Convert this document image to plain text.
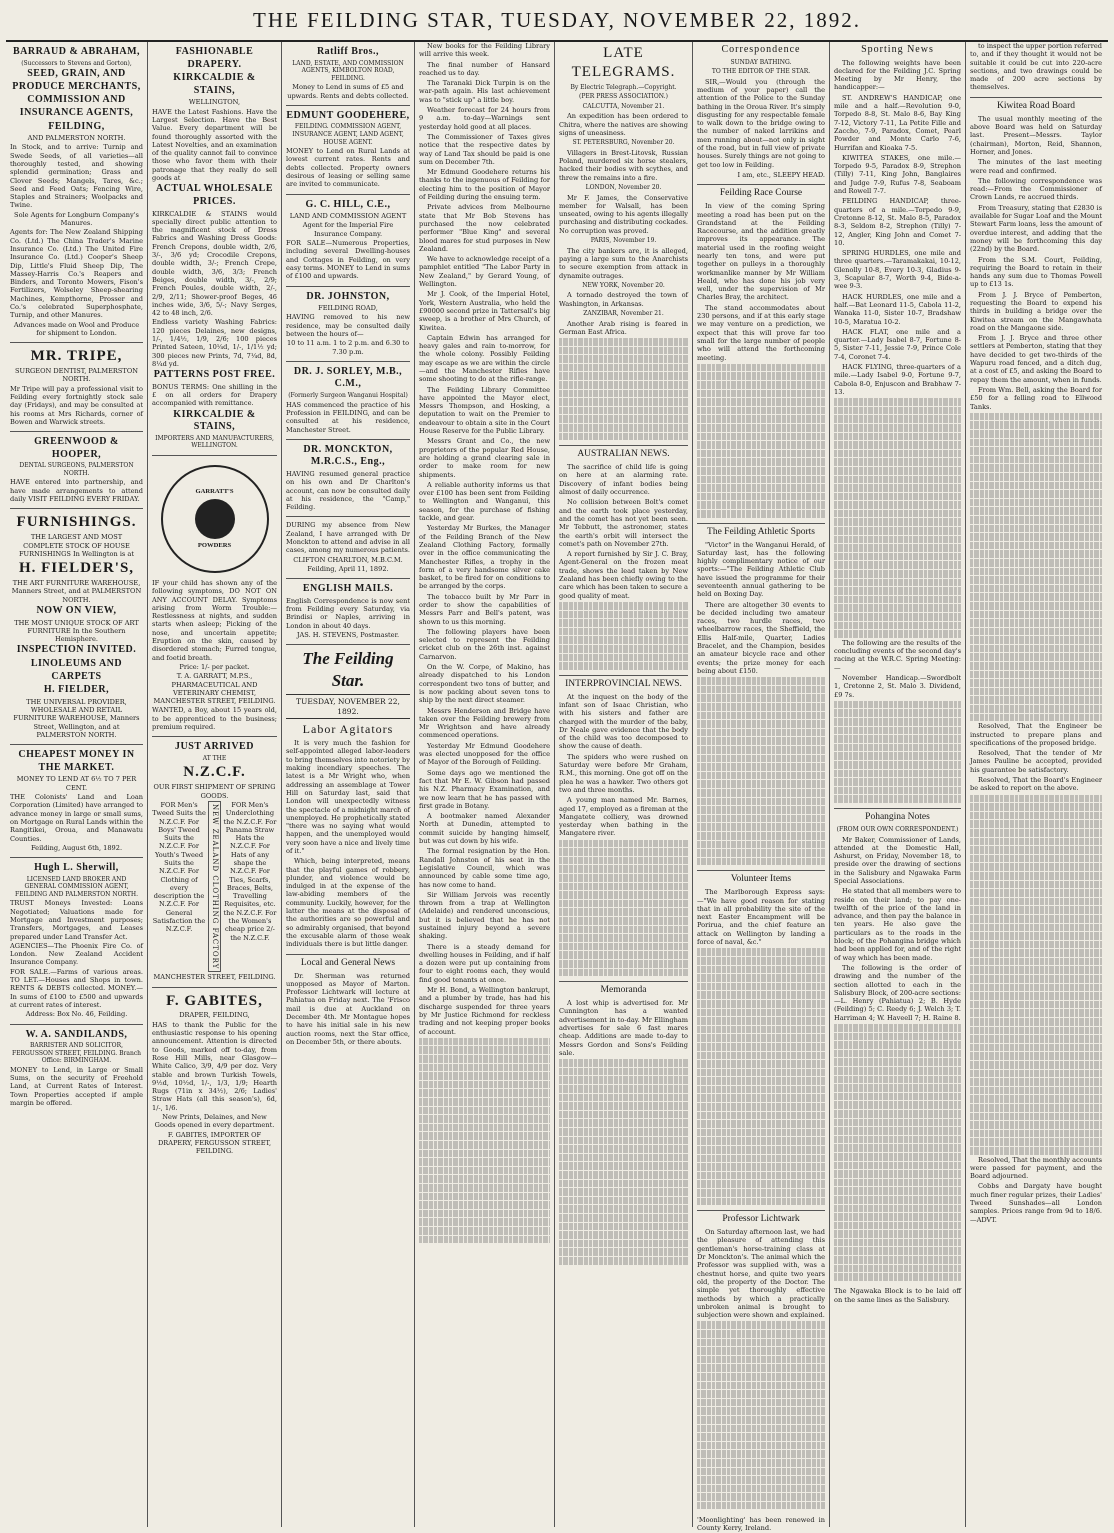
THE FEILDING STAR, TUESDAY, NOVEMBER 22, 1892.

BARRAUD & ABRAHAM,

(Successors to Stevens and Gorton),

SEED, GRAIN, AND PRODUCE MERCHANTS,

COMMISSION AND INSURANCE AGENTS,

FEILDING,

AND PALMERSTON NORTH.

In Stock, and to arrive: Turnip and Swede Seeds, of all varieties—all thoroughly tested, and showing splendid germination; Grass and Clover Seeds; Mangels, Tares, &c.; Seed and Feed Oats; Fencing Wire, Staples and Strainers; Woolpacks and Twine.

Sole Agents for Longburn Company's Manures.

Agents for: The New Zealand Shipping Co. (Ltd.) The China Trader's Marine Insurance Co. (Ltd.) The United Fire Insurance Co. (Ltd.) Cooper's Sheep Dip, Little's Fluid Sheep Dip, The Massey-Harris Co.'s Reapers and Binders, and Toronto Mowers, Fison's Fertilizers, Wolseley Sheep-shearing Machines, Kempthorne, Prosser and Co.'s celebrated Superphosphate, Turnip, and other Manures.

Advances made on Wool and Produce for shipment to London.

MR. TRIPE,

SURGEON DENTIST, PALMERSTON NORTH.

Mr Tripe will pay a professional visit to Feilding every fortnightly stock sale day (Fridays), and may be consulted at his rooms at Mrs Richards, corner of Bowen and Warwick streets.

GREENWOOD & HOOPER,

DENTAL SURGEONS, PALMERSTON NORTH.

HAVE entered into partnership, and have made arrangements to attend daily VISIT FEILDING EVERY FRIDAY.

FURNISHINGS.

THE LARGEST AND MOST COMPLETE STOCK OF HOUSE FURNISHINGS In Wellington is at

H. FIELDER'S,

THE ART FURNITURE WAREHOUSE, Manners Street, and at PALMERSTON NORTH.

NOW ON VIEW,

THE MOST UNIQUE STOCK OF ART FURNITURE In the Southern Hemisphere.

INSPECTION INVITED.

LINOLEUMS AND CARPETS

H. FIELDER,

THE UNIVERSAL PROVIDER, WHOLESALE AND RETAIL FURNITURE WAREHOUSE, Manners Street, Wellington, and at PALMERSTON NORTH.

CHEAPEST MONEY IN THE MARKET.

MONEY TO LEND AT 6½ TO 7 PER CENT.

THE Colonists' Land and Loan Corporation (Limited) have arranged to advance money in large or small sums, on Mortgage on Rural Lands within the Rangitikei, Oroua, and Manawatu Counties.

Feilding, August 6th, 1892.

Hugh L. Sherwill,

LICENSED LAND BROKER AND GENERAL COMMISSION AGENT, FEILDING AND PALMERSTON NORTH.

TRUST Moneys Invested: Loans Negotiated; Valuations made for Mortgage and Investment purposes; Transfers, Mortgages, and Leases prepared under Land Transfer Act.

AGENCIES—The Phoenix Fire Co. of London. New Zealand Accident Insurance Company.

FOR SALE.—Farms of various areas. TO LET.—Houses and Shops in town. RENTS & DEBTS collected. MONEY.—In sums of £100 to £500 and upwards at current rates of interest.

Address: Box No. 46, Feilding.

W. A. SANDILANDS,

BARRISTER AND SOLICITOR, FERGUSSON STREET, FEILDING. Branch Office: BIRMINGHAM.

MONEY to Lend, in Large or Small Sums, on the security of Freehold Land, at Current Rates of Interest. Town Properties accepted if ample margin be offered.

FASHIONABLE DRAPERY.

KIRKCALDIE & STAINS,

WELLINGTON,

HAVE the Latest Fashions. Have the Largest Selection. Have the Best Value. Every department will be found thoroughly assorted with the Latest Novelties, and an examination of the quality cannot fail to convince those who favor them with their patronage that they really do sell goods at

ACTUAL WHOLESALE PRICES.

KIRKCALDIE & STAINS would specially direct public attention to the magnificent stock of Dress Fabrics and Washing Dress Goods: French Crepons, double width, 2/6, 3/-, 3/6 yd; Crocodile Crepons, double width, 3/-; French Crepe, double width, 3/6, 3/3; French Beiges, double width, 3/-, 2/9; French Poules, double width, 2/-, 2/9, 2/11; Shower-proof Beges, 46 inches wide, 3/6, 5/-; Navy Serges, 42 to 48 inch, 2/6.

Endless variety Washing Fabrics: 120 pieces Delaines, new designs, 1/-, 1/4½, 1/9, 2/6; 100 pieces Printed Sateen, 10¼d, 1/-, 1/1½ yd; 300 pieces new Prints, 7d, 7¼d, 8d, 8¼d yd.

PATTERNS POST FREE.

BONUS TERMS: One shilling in the £ on all orders for Drapery accompanied with remittance.

KIRKCALDIE & STAINS,

IMPORTERS AND MANUFACTURERS, WELLINGTON.

GARRATT'S
POWDERS

IF your child has shown any of the following symptoms, DO NOT ON ANY ACCOUNT DELAY. Symptoms arising from Worm Trouble:—Restlessness at nights, and sudden starts when asleep; Picking of the nose, and uncertain appetite; Eruption on the skin, caused by disordered stomach; Furred tongue, and foetid breath.

Price: 1/- per packet.

T. A. GARRATT, M.P.S., PHARMACEUTICAL AND VETERINARY CHEMIST, MANCHESTER STREET, FEILDING.

WANTED, a Boy, about 15 years old, to be apprenticed to the business; premium required.

JUST ARRIVED

AT THE

N.Z.C.F.

OUR FIRST SHIPMENT OF SPRING GOODS.

FOR Men's Tweed Suits the N.Z.C.F. For Boys' Tweed Suits the N.Z.C.F. For Youth's Tweed Suits the N.Z.C.F. For Clothing of every description the N.Z.C.F. For General Satisfaction the N.Z.C.F.	NEW ZEALAND CLOTHING FACTORY	FOR Men's Underclothing the N.Z.C.F. For Panama Straw Hats the N.Z.C.F. For Hats of any shape the N.Z.C.F. For Ties, Scarfs, Braces, Belts, Travelling Requisites, etc. the N.Z.C.F. For the Women's cheap price 2/- the N.Z.C.F.

MANCHESTER STREET, FEILDING.

F. GABITES,

DRAPER, FEILDING,

HAS to thank the Public for the enthusiastic response to his opening announcement. Attention is directed to Goods, marked off to-day, from Rose Hill Mills, near Glasgow—White Calico, 3/9, 4/9 per doz. Very stable and brown Turkish Towels, 9½d, 10½d, 1/-, 1/3, 1/9; Hearth Rugs (71in x 34½), 2/6; Ladies' Straw Hats (all this season's), 6d, 1/-, 1/6.

New Prints, Delaines, and New Goods opened in every department.

F. GABITES, IMPORTER OF DRAPERY, FERGUSSON STREET, FEILDING.

Ratliff Bros.,

LAND, ESTATE, AND COMMISSION AGENTS, KIMBOLTON ROAD, FEILDING.

Money to Lend in sums of £5 and upwards. Rents and debts collected.

EDMUNT GOODEHERE,

FEILDING. COMMISSION AGENT, INSURANCE AGENT, LAND AGENT, HOUSE AGENT.

MONEY to Lend on Rural Lands at lowest current rates. Rents and debts collected. Property owners desirous of leasing or selling same are invited to communicate.

G. C. HILL, C.E.,

LAND AND COMMISSION AGENT

Agent for the Imperial Fire Insurance Company.

FOR SALE—Numerous Properties, including several Dwelling-houses and Cottages in Feilding, on very easy terms. MONEY to Lend in sums of £100 and upwards.

DR. JOHNSTON,

FEILDING ROAD,

HAVING removed to his new residence, may be consulted daily between the hours of—

10 to 11 a.m. 1 to 2 p.m. and 6.30 to 7.30 p.m.

DR. J. SORLEY, M.B., C.M.,

(Formerly Surgeon Wanganui Hospital)

HAS commenced the practice of his Profession in FEILDING, and can be consulted at his residence, Manchester Street.

DR. MONCKTON, M.R.C.S., Eng.,

HAVING resumed general practice on his own and Dr Charlton's account, can now be consulted daily at his residence, the "Camp," Feilding.

DURING my absence from New Zealand, I have arranged with Dr Monckton to attend and advise in all cases, among my numerous patients.

CLIFTON CHARLTON, M.B.C.M.

Feilding, April 11, 1892.

ENGLISH MAILS.

English Correspondence is now sent from Feilding every Saturday, via Brindisi or Naples, arriving in London in about 40 days.

JAS. H. STEVENS, Postmaster.

The Feilding Star.
TUESDAY, NOVEMBER 22, 1892.
Labor Agitators

It is very much the fashion for self-appointed alleged labor-leaders to bring themselves into notoriety by making incendiary speeches. The latest is a Mr Wright who, when addressing an assemblage at Tower Hill on Saturday last, said that London will unexpectedly witness the spectacle of a midnight march of unemployed. He prophetically stated "there was no saying what would happen, and the unemployed would very soon have a nice and lively time of it."

Which, being interpreted, means that the playful games of robbery, plunder, and violence would be indulged in at the expense of the law-abiding members of the community. Luckily, however, for the latter the means at the disposal of the authorities are so powerful and so admirably organised, that beyond the excusable alarm of those weak individuals there is but little danger.

Local and General News

Dr. Sherman was returned unopposed as Mayor of Marton. Professor Lichtwark will lecture at Pahiatua on Friday next. The 'Frisco mail is due at Auckland on December 4th. Mr Montague hopes to have his initial sale in his new auction rooms, next the Star office, on December 5th, or there abouts.

New books for the Feilding Library will arrive this week.

The final number of Hansard reached us to day.

The Taranaki Dick Turpin is on the war-path again. His last achievement was to "stick up" a little boy.

Weather forecast for 24 hours from 9 a.m. to-day—Warnings sent yesterday hold good at all places.

The Commissioner of Taxes gives notice that the respective dates by way of Land Tax should be paid is one sum on December 7th.

Mr Edmund Goodehere returns his thanks to the ingenuous of Feilding for electing him to the position of Mayor of Feilding during the ensuing term.

Private advices from Melbourne state that Mr Bob Stevens has purchased the now celebrated performer "Blue King" and several blood mares for stud purposes in New Zealand.

We have to acknowledge receipt of a pamphlet entitled "The Labor Party in New Zealand," by Gerard Young, of Wellington.

Mr J. Cook, of the Imperial Hotel, York, Western Australia, who held the £90000 second prize in Tattersall's big sweep, is a brother of Mrs Church, of Kiwitea.

Captain Edwin has arranged for heavy gales and rain to-morrow, for the whole colony. Possibly Feilding may escape as we are within the circle—and the Manchester Rifles have some shooting to do at the rifle-range.

The Feilding Library Committee have appointed the Mayor elect, Messrs Thompson, and Hosking, a deputation to wait on the Premier to endeavour to obtain a site in the Court House Reserve for the Public Library.

Messrs Grant and Co., the new proprietors of the popular Red House, are holding a grand clearing sale in order to make room for new shipments.

A reliable authority informs us that over £100 has been sent from Feilding to Wellington and Wanganui, this season, for the purchase of fishing tackle, and gear.

Yesterday Mr Burkes, the Manager of the Feilding Branch of the New Zealand Clothing Factory, formally over in the office communicating the Manchester Rifles, a trophy in the form of a very handsome silver cake basket, to be fired for on conditions to be arranged by the corps.

The tobacco built by Mr Parr in order to show the capabilities of Messrs Parr and Bell's patent, was shown to us this morning.

The following players have been selected to represent the Feilding cricket club on the 26th inst. against Carnarvon.

On the W. Corpe, of Makino, has already dispatched to his London correspondent two tons of butter, and is now packing about seven tons to ship by the next direct steamer.

Messrs Henderson and Bridge have taken over the Feilding brewery from Mr Wrightson and have already commenced operations.

Yesterday Mr Edmund Goodehere was elected unopposed for the office of Mayor of the Borough of Feilding.

Some days ago we mentioned the fact that Mr E. W. Gibson had passed his N.Z. Pharmacy Examination, and we now learn that he has passed with first grade in Botany.

A bootmaker named Alexander North at Dunedin, attempted to commit suicide by hanging himself, but was cut down by his wife.

The formal resignation by the Hon. Randall Johnston of his seat in the Legislative Council, which was announced by cable some time ago, has now come to hand.

Sir William Jervois was recently thrown from a trap at Wellington (Adelaide) and rendered unconscious, but it is believed that he has not sustained injury beyond a severe shaking.

There is a steady demand for dwelling houses in Feilding, and if half a dozen were put up containing from four to eight rooms each, they would find good tenants at once.

Mr H. Bond, a Wellington bankrupt, and a plumber by trade, has had his discharge suspended for three years by Mr Justice Richmond for reckless trading and not keeping proper books of account.

LATE TELEGRAMS.
By Electric Telegraph.—Copyright.
(PER PRESS ASSOCIATION.)
CALCUTTA, November 21.

An expedition has been ordered to Chitra, where the natives are showing signs of uneasiness.

ST. PETERSBURG, November 20.

Villagers in Brest-Litovsk, Russian Poland, murdered six horse stealers, hacked their bodies with scythes, and threw the remains into a fire.

LONDON, November 20.

Mr F. James, the Conservative member for Walsall, has been unseated, owing to his agents illegally purchasing and distributing cockades. No corruption was proved.

PARIS, November 19.

The city bankers are, it is alleged, paying a large sum to the Anarchists to secure exemption from attack in dynamite outrages.

NEW YORK, November 20.

A tornado destroyed the town of Washington, in Arkansas.

ZANZIBAR, November 21.

Another Arab rising is feared in German East Africa.

AUSTRALIAN NEWS.

The sacrifice of child life is going on here at an alarming rate. Discovery of infant bodies being almost of daily occurrence.

No collision between Bolt's comet and the earth took place yesterday, and the comet has not yet been seen. Mr Tebbutt, the astronomer, states the earth's orbit will intersect the comet's path on November 27th.

A report furnished by Sir J. C. Bray, Agent-General on the frozen meat trade, shows the lead taken by New Zealand has been chiefly owing to the care which has been taken to secure a good quality of meat.

INTERPROVINCIAL NEWS.

At the inquest on the body of the infant son of Isaac Christian, who with his sisters and father are charged with the murder of the baby, Dr Neale gave evidence that the body of the child was too decomposed to show the cause of death.

The spiders who were rushed on Saturday were before Mr Graham, R.M., this morning. One got off on the plea he was a hawker. Two others got two and three months.

A young man named Mr. Barnes, aged 17, employed as a fireman at the Mangatete colliery, was drowned yesterday when bathing in the Mangatere river.

Memoranda

A lost whip is advertised for. Mr Cunnington has a wanted advertisement in to-day. Mr Ellingham advertises for sale 6 fast mares cheap. Additions are made to-day to Messrs Gordon and Sons's Feilding sale.

Correspondence
SUNDAY BATHING.
TO THE EDITOR OF THE STAR.

SIR,—Would you (through the medium of your paper) call the attention of the Police to the Sunday bathing in the Oroua River. It's simply disgusting for any respectable female to walk down to the bridge owing to the number of naked larrikins and men running about—not only in sight of the road, but in full view of private houses. Surely things are not going to get too low in Feilding.

I am, etc., SLEEPY HEAD.

Feilding Race Course

In view of the coming Spring meeting a road has been put on the Grandstand at the Feilding Racecourse, and the addition greatly improves its appearance. The material used in the roofing weight nearly ten tons, and were put together on pulleys in a thoroughly workmanlike manner by Mr William Heald, who has done his job very well, under the supervision of Mr Charles Bray, the architect.

The stand accommodates about 230 persons, and if at this early stage we may venture on a prediction, we expect that this will prove far too small for the large number of people who will attend the forthcoming meeting.

The Feilding Athletic Sports

"Victor" in the Wanganui Herald, of Saturday last, has the following highly complimentary notice of our sports:—"The Feilding Athletic Club have issued the programme for their seventeenth annual gathering to be held on Boxing Day.

There are altogether 30 events to be decided including two amateur races, two hurdle races, two wheelbarrow races, the Sheffield, the Ellis Half-mile, Quarter, Ladies Bracelet, and the Champion, besides an amateur bicycle race and other events; the prize money for each being about £150.

Volunteer Items

The Marlborough Express says:—"We have good reason for stating that in all probability the site of the next Easter Encampment will be Porirua, and the chief feature an attack on Wellington by landing a force of naval, &c."

Professor Lichtwark

On Saturday afternoon last, we had the pleasure of attending this gentleman's horse-training class at Dr Monckton's. The animal which the Professor was supplied with, was a chestnut horse, and quite two years old, the property of the Doctor. The simple yet thoroughly effective methods by which a practically unbroken animal is brought to subjection were shown and explained.

'Moonlighting' has been renewed in County Kerry, Ireland.

Sporting News

The following weights have been declared for the Feilding J.C. Spring Meeting by Mr Henry, the handicapper:—

ST. ANDREW'S HANDICAP, one mile and a half.—Revolution 9-0, Torpedo 8-8, St. Malo 8-6, Bay King 7-12, Victory 7-11, La Petite Fille and Zaccho, 7-9, Paradox, Comet, Pearl Powder and Monte Carlo 7-6, Hurrifan and Kioaka 7-5.

KIWITEA STAKES, one mile.—Torpedo 9-5, Paradox 8-9, Strephon (Tilly) 7-11, King John, Banglaires and Judge 7-9, Rufus 7-8, Seaboam and Rowell 7-7.

FEILDING HANDICAP, three-quarters of a mile.—Torpedo 9-9, Cretonne 8-12, St. Malo 8-5, Paradox 8-3, Seldom 8-2, Strephon (Tilly) 7-12, Angler, King John and Comet 7-10.

SPRING HURDLES, one mile and three quarters.—Taramakakai, 10-12, Glenolly 10-8, Every 10-3, Gladius 9-3, Scapular 8-7, Worth 9-4, Bide-a-wee 9-3.

HACK HURDLES, one mile and a half.—Bat Leonard 11-5, Cabola 11-2, Wanaka 11-0, Sister 10-7, Bradshaw 10-5, Maratua 10-2.

HACK FLAT, one mile and a quarter.—Lady Isabel 8-7, Fortune 8-5, Sister 7-11, Jessie 7-9, Prince Cole 7-4, Coronet 7-4.

HACK FLYING, three-quarters of a mile.—Lady Isabel 9-0, Fortune 9-7, Cabola 8-0, Enjuscon and Brabhaw 7-13.

The following are the results of the concluding events of the second day's racing at the W.R.C. Spring Meeting:—

November Handicap.—Swordbolt 1, Cretonne 2, St. Malo 3. Dividend, £9 7s.

Pohangina Notes
(FROM OUR OWN CORRESPONDENT.)

Mr Baker, Commissioner of Lands, attended at the Domestic Hall, Ashurst, on Friday, November 18, to preside over the drawing of sections in the Salisbury and Ngawaka Farm Special Associations.

He stated that all members were to reside on their land; to pay one-twelfth of the price of the land in advance, and then pay the balance in ten years. He also gave the particulars as to the roads in the block; of the Pohangina bridge which had been applied for, and of the right of way which has been made.

The following is the order of drawing and the number of the section allotted to each in the Salisbury Block, of 200-acre sections:—L. Henry (Pahiatua) 2; B. Hyde (Feilding) 5; C. Reedy 6; J. Welch 3; T. Harriman 4; W. Haveell 7; H. Raine 8.

The Ngawaka Block is to be laid off on the same lines as the Salisbury.

to inspect the upper portion referred to, and if they thought it would not be suitable it could be cut into 220-acre sections, and two drawings could be made of 200 acre sections by themselves.

Kiwitea Road Board

The usual monthly meeting of the above Board was held on Saturday last. Present—Messrs. Taylor (chairman), Morton, Reid, Shannon, Horner, and Jones.

The minutes of the last meeting were read and confirmed.

The following correspondence was read:—From the Commissioner of Crown Lands, re accrued thirds.

From Treasury, stating that £2830 is available for Sugar Loaf and the Mount Stewart Farm loans, less the amount of overdue interest, and adding that the money will be forthcoming this day (22nd) by the Board.

From the S.M. Court, Feilding, requiring the Board to retain in their hands any sum due to Thomas Powell up to £13 1s.

From J. J. Bryce of Pemberton, requesting the Board to expend his thirds in building a bridge over the Kiwitea stream on the Mangawhata road on the Mangaone side.

From J. J. Bryce and three other settlers at Pemberton, stating that they have decided to get two-thirds of the Wapuru road fenced, and a ditch dug, at a cost of £5, and asking the Board to repay them the amount, when in funds.

From Wm. Bell, asking the Board for £50 for a felling road to Ellwood Tanks.

Resolved, That the Engineer be instructed to prepare plans and specifications of the proposed bridge.

Resolved, That the tender of Mr James Pauline be accepted, provided his guarantee be satisfactory.

Resolved, That the Board's Engineer be asked to report on the above.

Resolved, That the monthly accounts were passed for payment, and the Board adjourned.

Cobbs and Dargaty have bought much finer regular prizes, their Ladies' Tweed Sunshades—all London samples. Prices range from 9d to 18/6.—ADVT.
